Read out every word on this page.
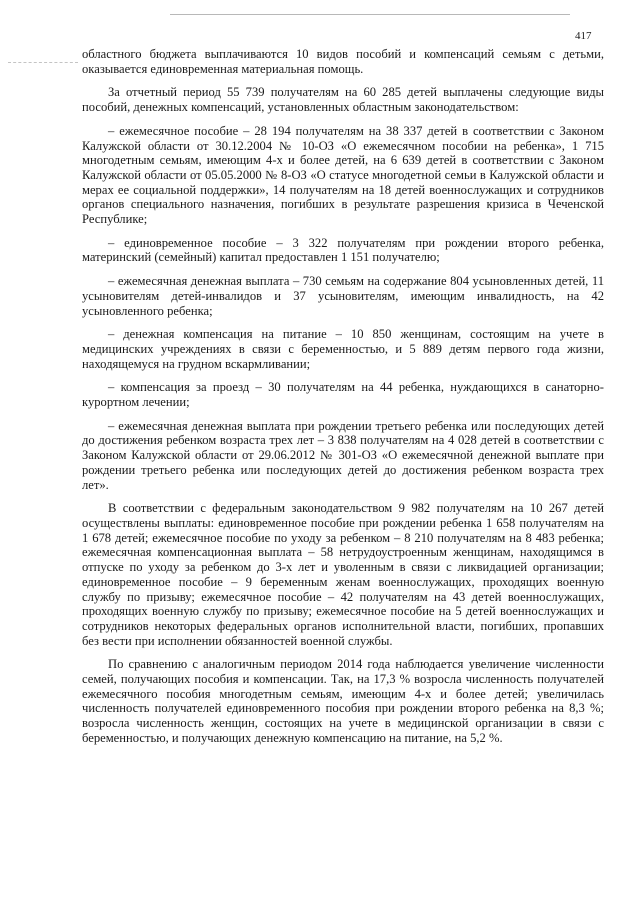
417

областного бюджета выплачиваются 10 видов пособий и компенсаций семьям с детьми, оказывается единовременная материальная помощь.

За отчетный период 55 739 получателям на 60 285 детей выплачены следующие виды пособий, денежных компенсаций, установленных областным законодательством:

– ежемесячное пособие – 28 194 получателям на 38 337 детей в соответствии с Законом Калужской области от 30.12.2004 № 10-ОЗ «О ежемесячном пособии на ребенка», 1 715 многодетным семьям, имеющим 4-х и более детей, на 6 639 детей в соответствии с Законом Калужской области от 05.05.2000 № 8-ОЗ «О статусе многодетной семьи в Калужской области и мерах ее социальной поддержки», 14 получателям на 18 детей военнослужащих и сотрудников органов специального назначения, погибших в результате разрешения кризиса в Чеченской Республике;

– единовременное пособие – 3 322 получателям при рождении второго ребенка, материнский (семейный) капитал предоставлен 1 151 получателю;

– ежемесячная денежная выплата – 730 семьям на содержание 804 усыновленных детей, 11 усыновителям детей-инвалидов и 37 усыновителям, имеющим инвалидность, на 42 усыновленного ребенка;

– денежная компенсация на питание – 10 850 женщинам, состоящим на учете в медицинских учреждениях в связи с беременностью, и 5 889 детям первого года жизни, находящемуся на грудном вскармливании;

– компенсация за проезд – 30 получателям на 44 ребенка, нуждающихся в санаторно-курортном лечении;

– ежемесячная денежная выплата при рождении третьего ребенка или последующих детей до достижения ребенком возраста трех лет – 3 838 получателям на 4 028 детей в соответствии с Законом Калужской области от 29.06.2012 № 301-ОЗ «О ежемесячной денежной выплате при рождении третьего ребенка или последующих детей до достижения ребенком возраста трех лет».

В соответствии с федеральным законодательством 9 982 получателям на 10 267 детей осуществлены выплаты: единовременное пособие при рождении ребенка 1 658 получателям на 1 678 детей; ежемесячное пособие по уходу за ребенком – 8 210 получателям на 8 483 ребенка; ежемесячная компенсационная выплата – 58 нетрудоустроенным женщинам, находящимся в отпуске по уходу за ребенком до 3-х лет и уволенным в связи с ликвидацией организации; единовременное пособие – 9 беременным женам военнослужащих, проходящих военную службу по призыву; ежемесячное пособие – 42 получателям на 43 детей военнослужащих, проходящих военную службу по призыву; ежемесячное пособие на 5 детей военнослужащих и сотрудников некоторых федеральных органов исполнительной власти, погибших, пропавших без вести при исполнении обязанностей военной службы.

По сравнению с аналогичным периодом 2014 года наблюдается увеличение численности семей, получающих пособия и компенсации. Так, на 17,3 % возросла численность получателей ежемесячного пособия многодетным семьям, имеющим 4-х и более детей; увеличилась численность получателей единовременного пособия при рождении второго ребенка на 8,3 %; возросла численность женщин, состоящих на учете в медицинской организации в связи с беременностью, и получающих денежную компенсацию на питание, на 5,2 %.
